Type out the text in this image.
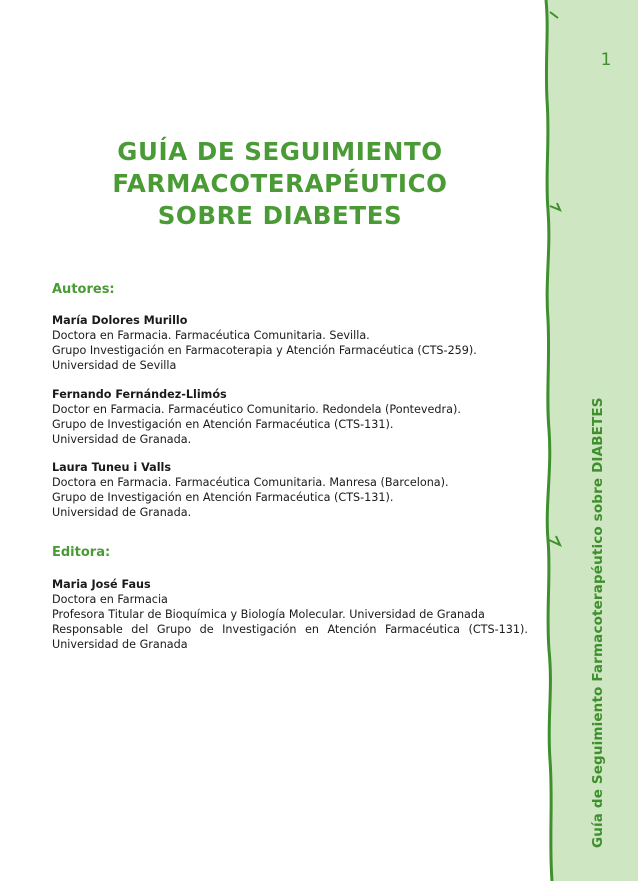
1
Guía de Seguimiento Farmacoterapéutico sobre DIABETES
GUÍA DE SEGUIMIENTO
FARMACOTERAPÉUTICO
SOBRE DIABETES
Autores:
María Dolores Murillo
Doctora en Farmacia. Farmacéutica Comunitaria. Sevilla.
Grupo Investigación en Farmacoterapia y Atención Farmacéutica (CTS-259).
Universidad de Sevilla
Fernando Fernández-Llimós
Doctor en Farmacia. Farmacéutico Comunitario. Redondela (Pontevedra).
Grupo de Investigación en Atención Farmacéutica (CTS-131).
Universidad de Granada.
Laura Tuneu i Valls
Doctora en Farmacia. Farmacéutica Comunitaria. Manresa (Barcelona).
Grupo de Investigación en Atención Farmacéutica (CTS-131).
Universidad de Granada.
Editora:
Maria José Faus
Doctora en Farmacia
Profesora Titular de Bioquímica y Biología Molecular. Universidad de Granada
Responsable del Grupo de Investigación en Atención Farmacéutica (CTS-131).
Universidad de Granada
